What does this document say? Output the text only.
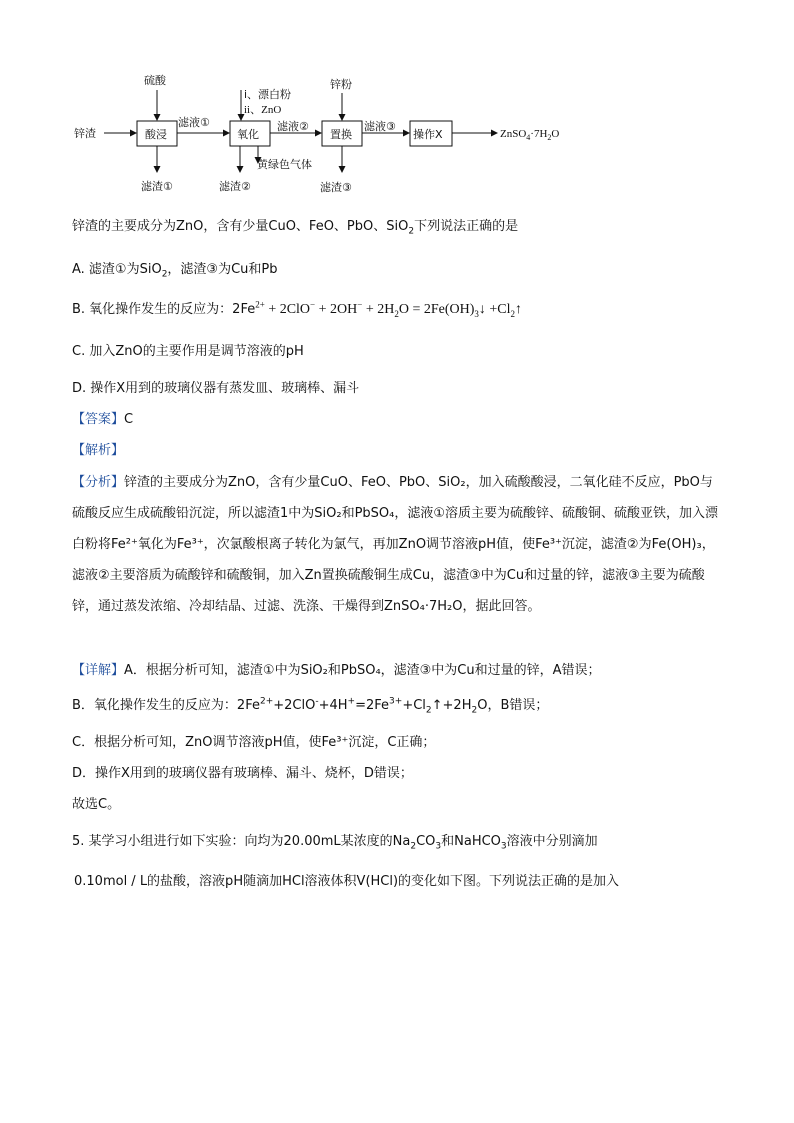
锌渣	酸浸
硫酸
滤渣①
滤液①
氧化
i、漂白粉
ii、ZnO
黄绿色气体
滤渣②
滤液②
置换
锌粉
滤渣③
滤液③
操作X	$ZnSO_4\cdot 7H_2O$
锌渣的主要成分为ZnO，含有少量CuO、FeO、PbO、SiO$_2$下列说法正确的是
A. 滤渣①为SiO$_2$，滤渣③为Cu和Pb
B. 氧化操作发生的反应为：$2Fe^{2+} + 2ClO^- + 2OH^- + 2H_2O$ = $2Fe(OH)_3↓$ $+Cl_2↑$
C. 加入ZnO的主要作用是调节溶液的pH
D. 操作X用到的玻璃仪器有蒸发皿、玻璃棒、漏斗
【答案】C
【解析】
【分析】锌渣的主要成分为ZnO，含有少量CuO、FeO、PbO、SiO₂，加入硫酸酸浸，二氧化硅不反应，PbO与硫酸反应生成硫酸铅沉淀，所以滤渣1中为SiO₂和PbSO₄，滤液①溶质主要为硫酸锌、硫酸铜、硫酸亚铁，加入漂白粉将Fe²⁺氧化为Fe³⁺，次氯酸根离子转化为氯气，再加ZnO调节溶液pH值，使Fe³⁺沉淀，滤渣②为Fe(OH)₃，滤液②主要溶质为硫酸锌和硫酸铜，加入Zn置换硫酸铜生成Cu，滤渣③中为Cu和过量的锌，滤液③主要为硫酸锌，通过蒸发浓缩、冷却结晶、过滤、洗涤、干燥得到ZnSO₄·7H₂O，据此回答。
【详解】A．根据分析可知，滤渣①中为SiO₂和PbSO₄，滤渣③中为Cu和过量的锌，A错误；
B．氧化操作发生的反应为：$2Fe^{2+}+2ClO^-+4H^+=2Fe^{3+}+Cl_2↑+2H_2O$，B错误；
C．根据分析可知，ZnO调节溶液pH值，使Fe³⁺沉淀，C正确；
D．操作X用到的玻璃仪器有玻璃棒、漏斗、烧杯，D错误；
故选C。
5. 某学习小组进行如下实验：向均为20.00mL某浓度的$Na_2CO_3$和NaHCO$_3$溶液中分别滴加
0.10mol / L的盐酸，溶液pH随滴加HCl溶液体积V(HCl)的变化如下图。下列说法正确的是加入
